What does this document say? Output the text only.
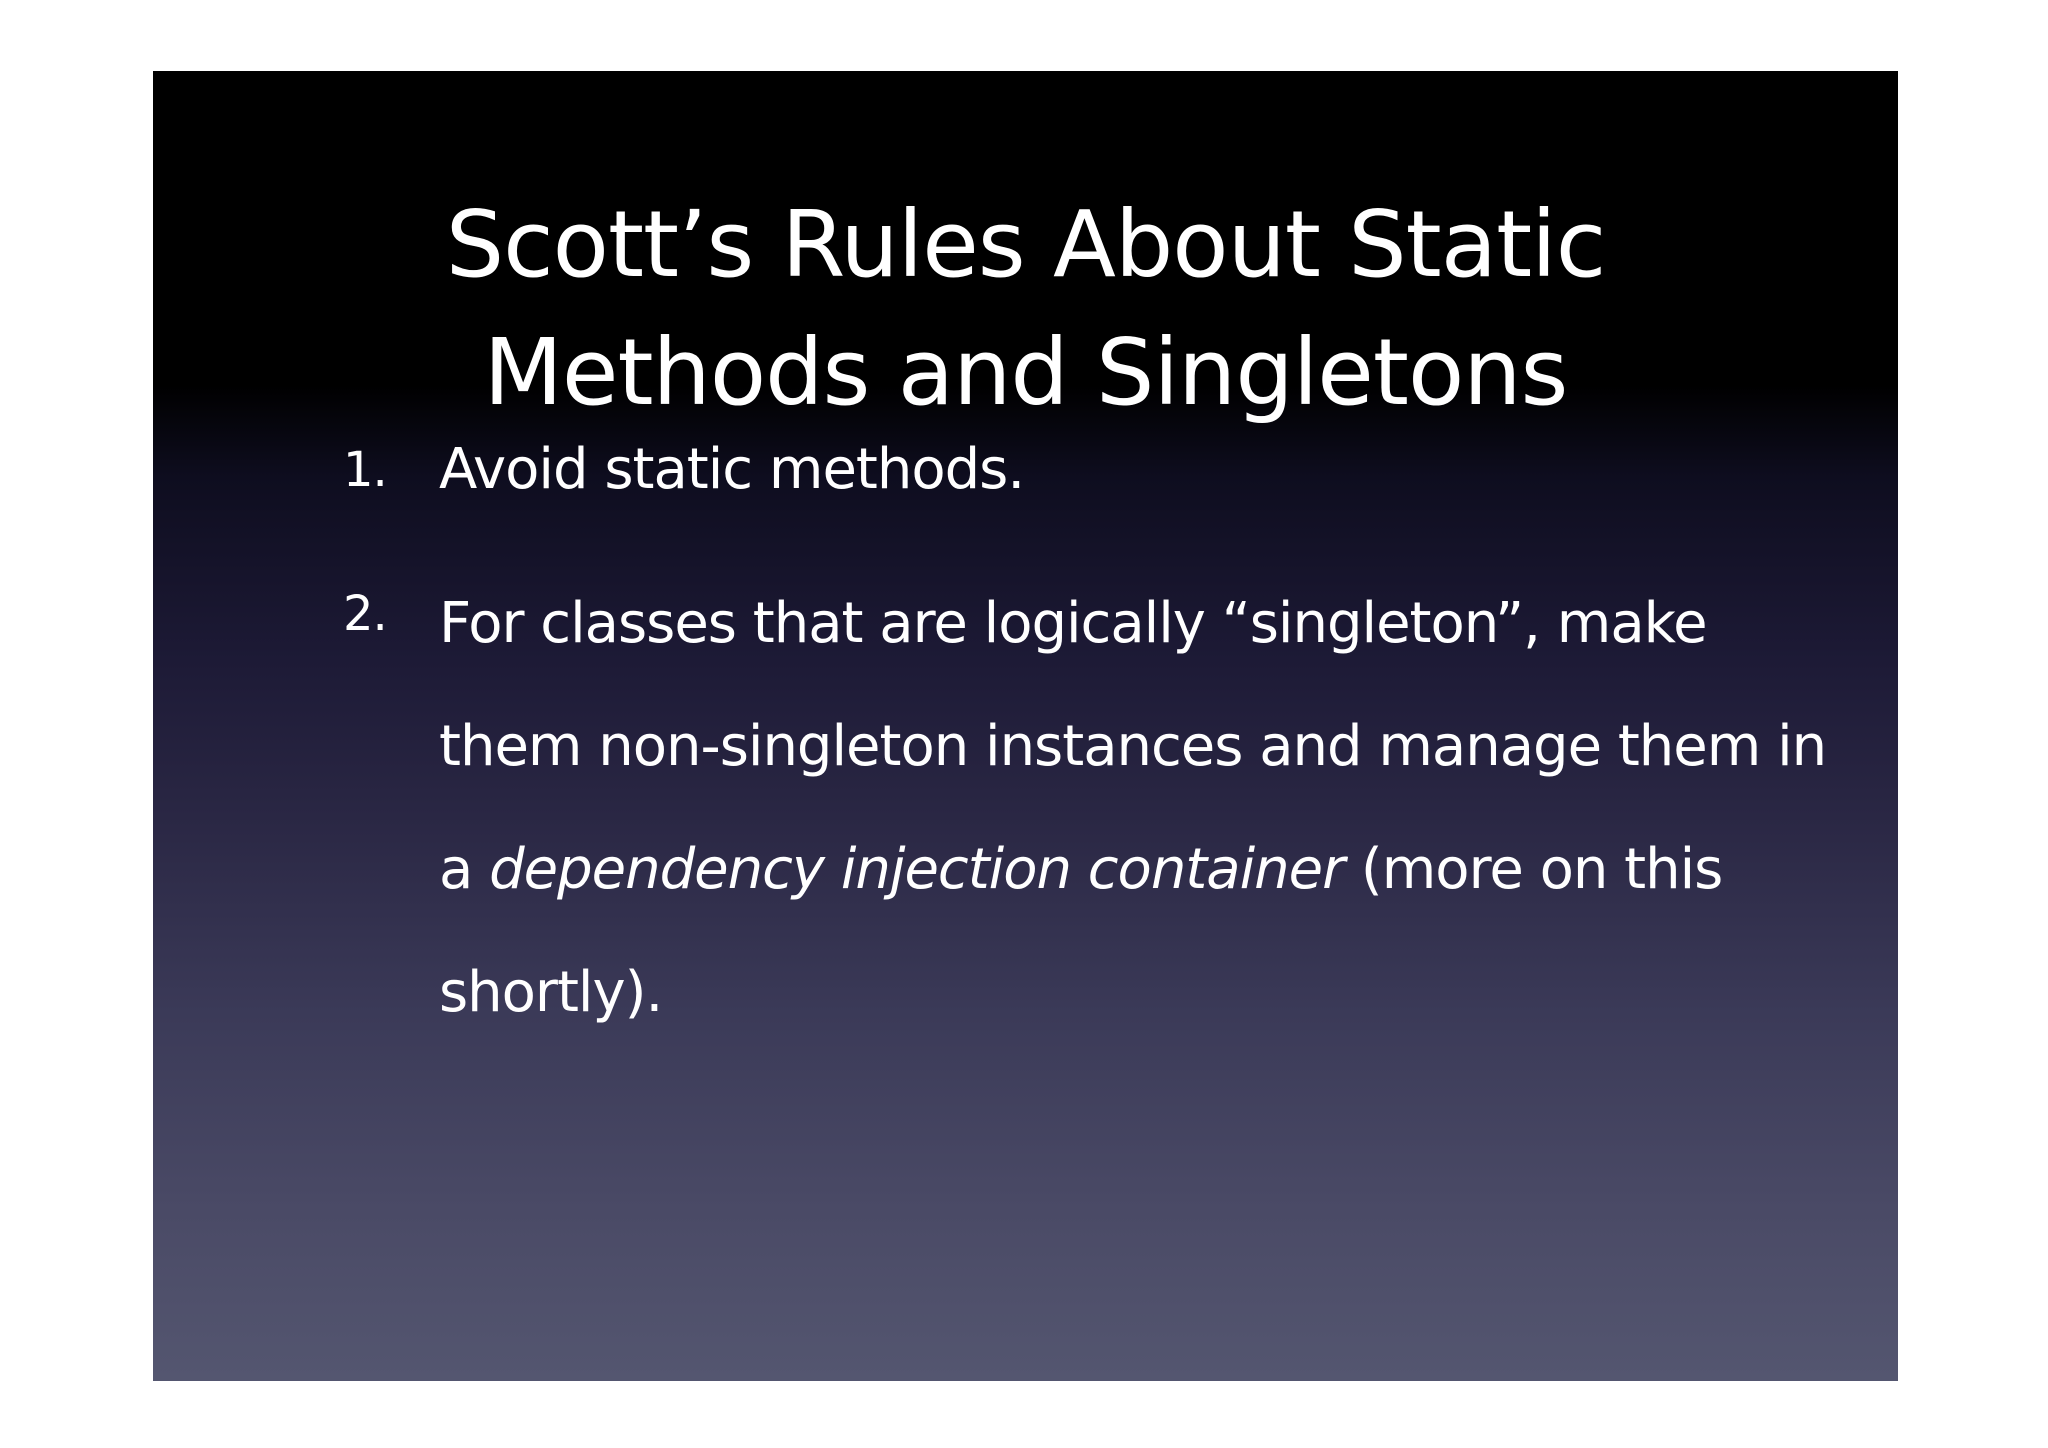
Scott’s Rules About Static
Methods and Singletons
1. Avoid static methods.
2. For classes that are logically “singleton”, make them non-singleton instances and manage them in a dependency injection container (more on this shortly).
